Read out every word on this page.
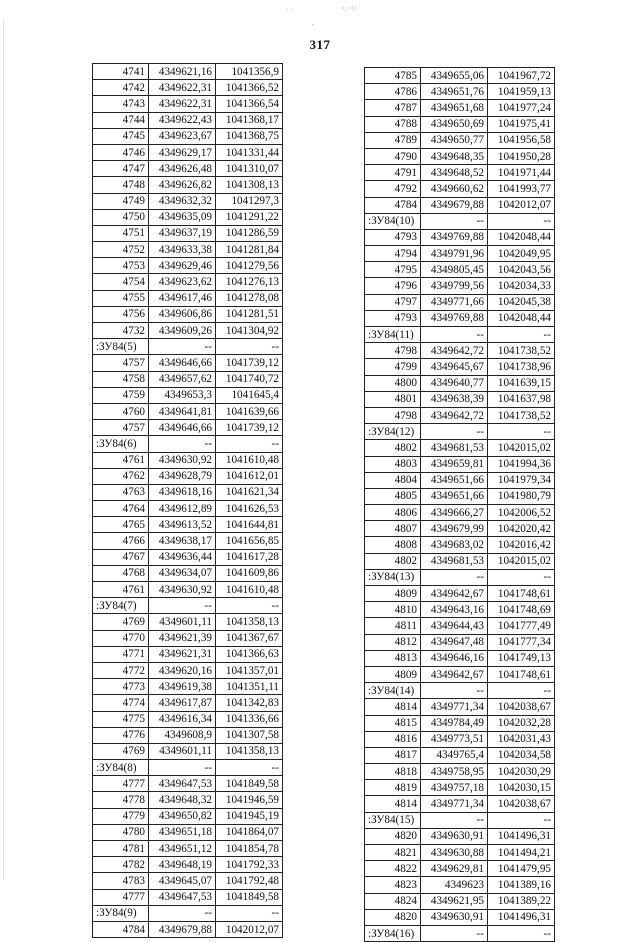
· ·	·.··\·
,
317
4741	4349621,16	1041356,9
4742	4349622,31	1041366,52
4743	4349622,31	1041366,54
4744	4349622,43	1041368,17
4745	4349623,67	1041368,75
4746	4349629,17	1041331,44
4747	4349626,48	1041310,07
4748	4349626,82	1041308,13
4749	4349632,32	1041297,3
4750	4349635,09	1041291,22
4751	4349637,19	1041286,59
4752	4349633,38	1041281,84
4753	4349629,46	1041279,56
4754	4349623,62	1041276,13
4755	4349617,46	1041278,08
4756	4349606,86	1041281,51
4732	4349609,26	1041304,92
:ЗУ84(5)	--	--
4757	4349646,66	1041739,12
4758	4349657,62	1041740,72
4759	4349653,3	1041645,4
4760	4349641,81	1041639,66
4757	4349646,66	1041739,12
:ЗУ84(6)	--	--
4761	4349630,92	1041610,48
4762	4349628,79	1041612,01
4763	4349618,16	1041621,34
4764	4349612,89	1041626,53
4765	4349613,52	1041644,81
4766	4349638,17	1041656,85
4767	4349636,44	1041617,28
4768	4349634,07	1041609,86
4761	4349630,92	1041610,48
:ЗУ84(7)	--	--
4769	4349601,11	1041358,13
4770	4349621,39	1041367,67
4771	4349621,31	1041366,63
4772	4349620,16	1041357,01
4773	4349619,38	1041351,11
4774	4349617,87	1041342,83
4775	4349616,34	1041336,66
4776	4349608,9	1041307,58
4769	4349601,11	1041358,13
:ЗУ84(8)	--	--
4777	4349647,53	1041849,58
4778	4349648,32	1041946,59
4779	4349650,82	1041945,19
4780	4349651,18	1041864,07
4781	4349651,12	1041854,78
4782	4349648,19	1041792,33
4783	4349645,07	1041792,48
4777	4349647,53	1041849,58
:ЗУ84(9)	--	--
4784	4349679,88	1042012,07
4785	4349655,06	1041967,72
4786	4349651,76	1041959,13
4787	4349651,68	1041977,24
4788	4349650,69	1041975,41
4789	4349650,77	1041956,58
4790	4349648,35	1041950,28
4791	4349648,52	1041971,44
4792	4349660,62	1041993,77
4784	4349679,88	1042012,07
:ЗУ84(10)	--	--
4793	4349769,88	1042048,44
4794	4349791,96	1042049,95
4795	4349805,45	1042043,56
4796	4349799,56	1042034,33
4797	4349771,66	1042045,38
4793	4349769,88	1042048,44
:ЗУ84(11)	--	--
4798	4349642,72	1041738,52
4799	4349645,67	1041738,96
4800	4349640,77	1041639,15
4801	4349638,39	1041637,98
4798	4349642,72	1041738,52
:ЗУ84(12)	--	--
4802	4349681,53	1042015,02
4803	4349659,81	1041994,36
4804	4349651,66	1041979,34
4805	4349651,66	1041980,79
4806	4349666,27	1042006,52
4807	4349679,99	1042020,42
4808	4349683,02	1042016,42
4802	4349681,53	1042015,02
:ЗУ84(13)	--	--
4809	4349642,67	1041748,61
4810	4349643,16	1041748,69
4811	4349644,43	1041777,49
4812	4349647,48	1041777,34
4813	4349646,16	1041749,13
4809	4349642,67	1041748,61
:ЗУ84(14)	--	--
4814	4349771,34	1042038,67
4815	4349784,49	1042032,28
4816	4349773,51	1042031,43
4817	4349765,4	1042034,58
4818	4349758,95	1042030,29
4819	4349757,18	1042030,15
4814	4349771,34	1042038,67
:ЗУ84(15)	--	--
4820	4349630,91	1041496,31
4821	4349630,88	1041494,21
4822	4349629,81	1041479,95
4823	4349623	1041389,16
4824	4349621,95	1041389,22
4820	4349630,91	1041496,31
:ЗУ84(16)	--	--
